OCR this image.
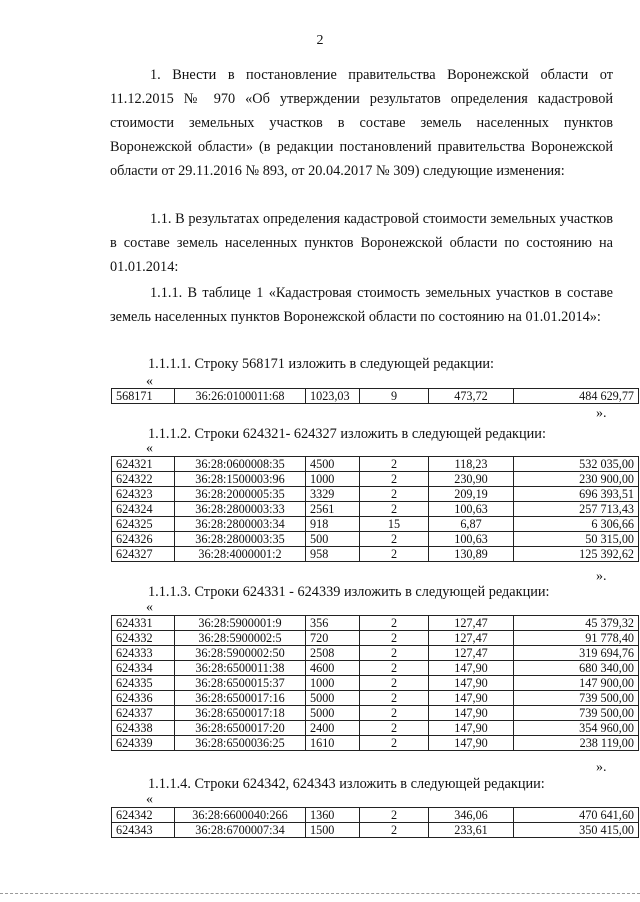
2
1. Внести в постановление правительства Воронежской области от 11.12.2015 № 970 «Об утверждении результатов определения кадастровой стоимости земельных участков в составе земель населенных пунктов Воронежской области» (в редакции постановлений правительства Воронежской области от 29.11.2016 № 893, от 20.04.2017 № 309) следующие изменения:
1.1. В результатах определения кадастровой стоимости земельных участков в составе земель населенных пунктов Воронежской области по состоянию на 01.01.2014:
1.1.1. В таблице 1 «Кадастровая стоимость земельных участков в составе земель населенных пунктов Воронежской области по состоянию на 01.01.2014»:
1.1.1.1. Строку 568171 изложить в следующей редакции:
«
568171	36:26:0100011:68	1023,03	9	473,72	484 629,77
».
1.1.1.2. Строки 624321- 624327 изложить в следующей редакции:
«
624321	36:28:0600008:35	4500	2	118,23	532 035,00
624322	36:28:1500003:96	1000	2	230,90	230 900,00
624323	36:28:2000005:35	3329	2	209,19	696 393,51
624324	36:28:2800003:33	2561	2	100,63	257 713,43
624325	36:28:2800003:34	918	15	6,87	6 306,66
624326	36:28:2800003:35	500	2	100,63	50 315,00
624327	36:28:4000001:2	958	2	130,89	125 392,62
».
1.1.1.3. Строки 624331 - 624339 изложить в следующей редакции:
«
624331	36:28:5900001:9	356	2	127,47	45 379,32
624332	36:28:5900002:5	720	2	127,47	91 778,40
624333	36:28:5900002:50	2508	2	127,47	319 694,76
624334	36:28:6500011:38	4600	2	147,90	680 340,00
624335	36:28:6500015:37	1000	2	147,90	147 900,00
624336	36:28:6500017:16	5000	2	147,90	739 500,00
624337	36:28:6500017:18	5000	2	147,90	739 500,00
624338	36:28:6500017:20	2400	2	147,90	354 960,00
624339	36:28:6500036:25	1610	2	147,90	238 119,00
».
1.1.1.4. Строки 624342, 624343 изложить в следующей редакции:
«
624342	36:28:6600040:266	1360	2	346,06	470 641,60
624343	36:28:6700007:34	1500	2	233,61	350 415,00
